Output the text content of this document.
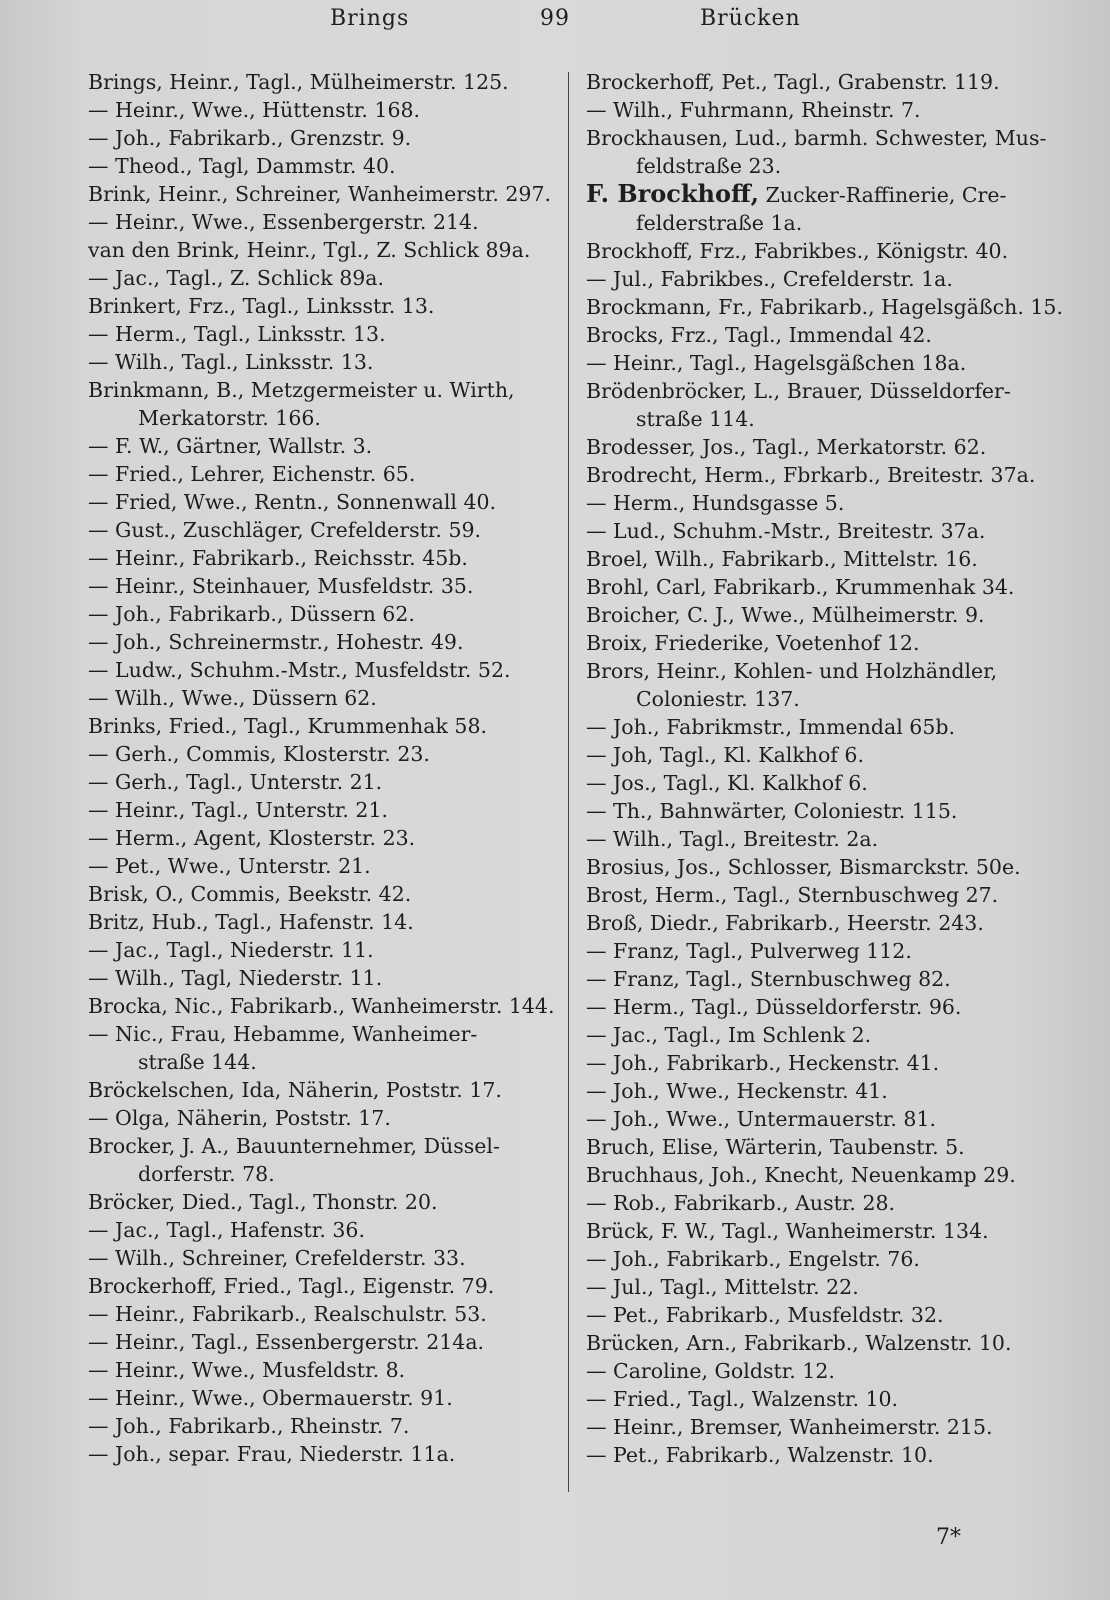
Brings	99	Brücken
Brings, Heinr., Tagl., Mülheimerstr. 125.
— Heinr., Wwe., Hüttenstr. 168.
— Joh., Fabrikarb., Grenzstr. 9.
— Theod., Tagl, Dammstr. 40.
Brink, Heinr., Schreiner, Wanheimerstr. 297.
— Heinr., Wwe., Essenbergerstr. 214.
van den Brink, Heinr., Tgl., Z. Schlick 89a.
— Jac., Tagl., Z. Schlick 89a.
Brinkert, Frz., Tagl., Linksstr. 13.
— Herm., Tagl., Linksstr. 13.
— Wilh., Tagl., Linksstr. 13.
Brinkmann, B., Metzgermeister u. Wirth,
Merkatorstr. 166.
— F. W., Gärtner, Wallstr. 3.
— Fried., Lehrer, Eichenstr. 65.
— Fried, Wwe., Rentn., Sonnenwall 40.
— Gust., Zuschläger, Crefelderstr. 59.
— Heinr., Fabrikarb., Reichsstr. 45b.
— Heinr., Steinhauer, Musfeldstr. 35.
— Joh., Fabrikarb., Düssern 62.
— Joh., Schreinermstr., Hohestr. 49.
— Ludw., Schuhm.-Mstr., Musfeldstr. 52.
— Wilh., Wwe., Düssern 62.
Brinks, Fried., Tagl., Krummenhak 58.
— Gerh., Commis, Klosterstr. 23.
— Gerh., Tagl., Unterstr. 21.
— Heinr., Tagl., Unterstr. 21.
— Herm., Agent, Klosterstr. 23.
— Pet., Wwe., Unterstr. 21.
Brisk, O., Commis, Beekstr. 42.
Britz, Hub., Tagl., Hafenstr. 14.
— Jac., Tagl., Niederstr. 11.
— Wilh., Tagl, Niederstr. 11.
Brocka, Nic., Fabrikarb., Wanheimerstr. 144.
— Nic., Frau, Hebamme, Wanheimer-
straße 144.
Bröckelschen, Ida, Näherin, Poststr. 17.
— Olga, Näherin, Poststr. 17.
Brocker, J. A., Bauunternehmer, Düssel-
dorferstr. 78.
Bröcker, Died., Tagl., Thonstr. 20.
— Jac., Tagl., Hafenstr. 36.
— Wilh., Schreiner, Crefelderstr. 33.
Brockerhoff, Fried., Tagl., Eigenstr. 79.
— Heinr., Fabrikarb., Realschulstr. 53.
— Heinr., Tagl., Essenbergerstr. 214a.
— Heinr., Wwe., Musfeldstr. 8.
— Heinr., Wwe., Obermauerstr. 91.
— Joh., Fabrikarb., Rheinstr. 7.
— Joh., separ. Frau, Niederstr. 11a.
Brockerhoff, Pet., Tagl., Grabenstr. 119.
— Wilh., Fuhrmann, Rheinstr. 7.
Brockhausen, Lud., barmh. Schwester, Mus-
feldstraße 23.
F. Brockhoff, Zucker-Raffinerie, Cre-
felderstraße 1a.
Brockhoff, Frz., Fabrikbes., Königstr. 40.
— Jul., Fabrikbes., Crefelderstr. 1a.
Brockmann, Fr., Fabrikarb., Hagelsgäßch. 15.
Brocks, Frz., Tagl., Immendal 42.
— Heinr., Tagl., Hagelsgäßchen 18a.
Brödenbröcker, L., Brauer, Düsseldorfer-
straße 114.
Brodesser, Jos., Tagl., Merkatorstr. 62.
Brodrecht, Herm., Fbrkarb., Breitestr. 37a.
— Herm., Hundsgasse 5.
— Lud., Schuhm.-Mstr., Breitestr. 37a.
Broel, Wilh., Fabrikarb., Mittelstr. 16.
Brohl, Carl, Fabrikarb., Krummenhak 34.
Broicher, C. J., Wwe., Mülheimerstr. 9.
Broix, Friederike, Voetenhof 12.
Brors, Heinr., Kohlen- und Holzhändler,
Coloniestr. 137.
— Joh., Fabrikmstr., Immendal 65b.
— Joh, Tagl., Kl. Kalkhof 6.
— Jos., Tagl., Kl. Kalkhof 6.
— Th., Bahnwärter, Coloniestr. 115.
— Wilh., Tagl., Breitestr. 2a.
Brosius, Jos., Schlosser, Bismarckstr. 50e.
Brost, Herm., Tagl., Sternbuschweg 27.
Broß, Diedr., Fabrikarb., Heerstr. 243.
— Franz, Tagl., Pulverweg 112.
— Franz, Tagl., Sternbuschweg 82.
— Herm., Tagl., Düsseldorferstr. 96.
— Jac., Tagl., Im Schlenk 2.
— Joh., Fabrikarb., Heckenstr. 41.
— Joh., Wwe., Heckenstr. 41.
— Joh., Wwe., Untermauerstr. 81.
Bruch, Elise, Wärterin, Taubenstr. 5.
Bruchhaus, Joh., Knecht, Neuenkamp 29.
— Rob., Fabrikarb., Austr. 28.
Brück, F. W., Tagl., Wanheimerstr. 134.
— Joh., Fabrikarb., Engelstr. 76.
— Jul., Tagl., Mittelstr. 22.
— Pet., Fabrikarb., Musfeldstr. 32.
Brücken, Arn., Fabrikarb., Walzenstr. 10.
— Caroline, Goldstr. 12.
— Fried., Tagl., Walzenstr. 10.
— Heinr., Bremser, Wanheimerstr. 215.
— Pet., Fabrikarb., Walzenstr. 10.
7*
